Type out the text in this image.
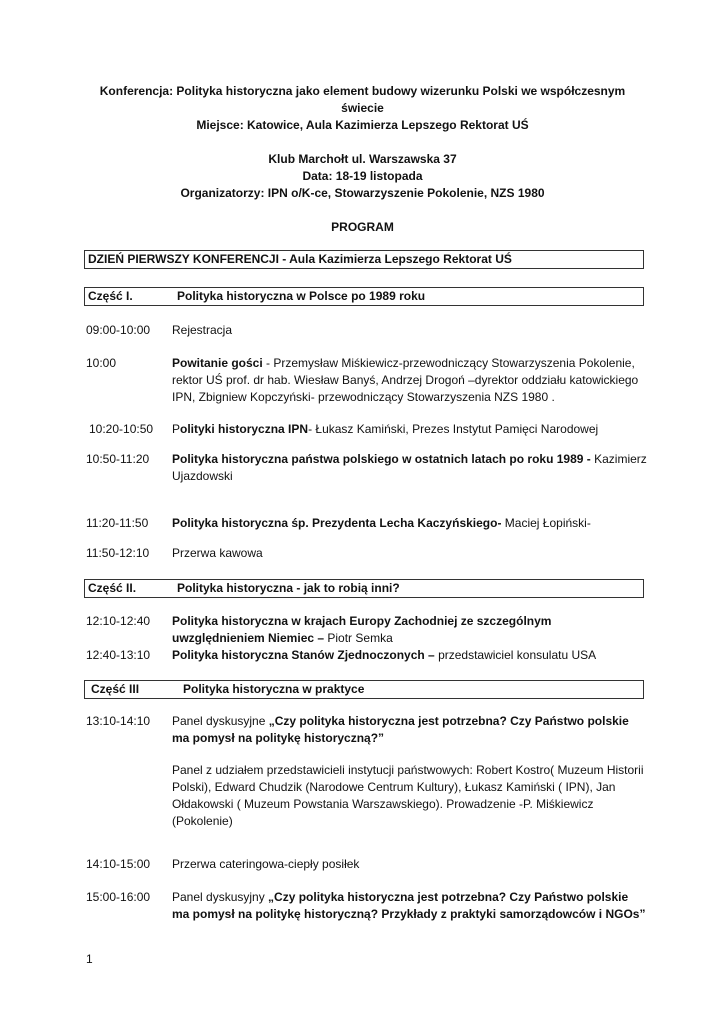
Konferencja: Polityka historyczna jako element budowy wizerunku Polski we współczesnym
świecie
Miejsce: Katowice, Aula Kazimierza Lepszego Rektorat UŚ
Klub Marchołt ul. Warszawska 37
Data: 18-19 listopada
Organizatorzy: IPN o/K-ce, Stowarzyszenie Pokolenie, NZS 1980
PROGRAM
DZIEŃ PIERWSZY KONFERENCJI - Aula Kazimierza Lepszego Rektorat UŚ
Część I.	Polityka historyczna w Polsce po 1989 roku
09:00-10:00 Rejestracja
10:00	Powitanie gości - Przemysław Miśkiewicz-przewodniczący Stowarzyszenia Pokolenie, rektor UŚ prof. dr hab. Wiesław Banyś, Andrzej Drogoń –dyrektor oddziału katowickiego IPN, Zbigniew Kopczyński- przewodniczący Stowarzyszenia NZS 1980 .
10:20-10:50 Polityki historyczna IPN- Łukasz Kamiński, Prezes Instytut Pamięci Narodowej
10:50-11:20 Polityka historyczna państwa polskiego w ostatnich latach po roku 1989 - Kazimierz Ujazdowski
11:20-11:50 Polityka historyczna śp. Prezydenta Lecha Kaczyńskiego- Maciej Łopiński-
11:50-12:10 Przerwa kawowa
Część II.	Polityka historyczna - jak to robią inni?
12:10-12:40 Polityka historyczna w krajach Europy Zachodniej ze szczególnym uwzględnieniem Niemiec – Piotr Semka
12:40-13:10 Polityka historyczna Stanów Zjednoczonych – przedstawiciel konsulatu USA
Część III	Polityka historyczna w praktyce
13:10-14:10 Panel dyskusyjne „Czy polityka historyczna jest potrzebna? Czy Państwo polskie ma pomysł na politykę historyczną?”
Panel z udziałem przedstawicieli instytucji państwowych: Robert Kostro( Muzeum Historii Polski), Edward Chudzik (Narodowe Centrum Kultury), Łukasz Kamiński ( IPN), Jan Ołdakowski ( Muzeum Powstania Warszawskiego). Prowadzenie -P. Miśkiewicz (Pokolenie)
14:10-15:00 Przerwa cateringowa-ciepły posiłek
15:00-16:00 Panel dyskusyjny „Czy polityka historyczna jest potrzebna? Czy Państwo polskie ma pomysł na politykę historyczną? Przykłady z praktyki samorządowców i NGOs”
1
